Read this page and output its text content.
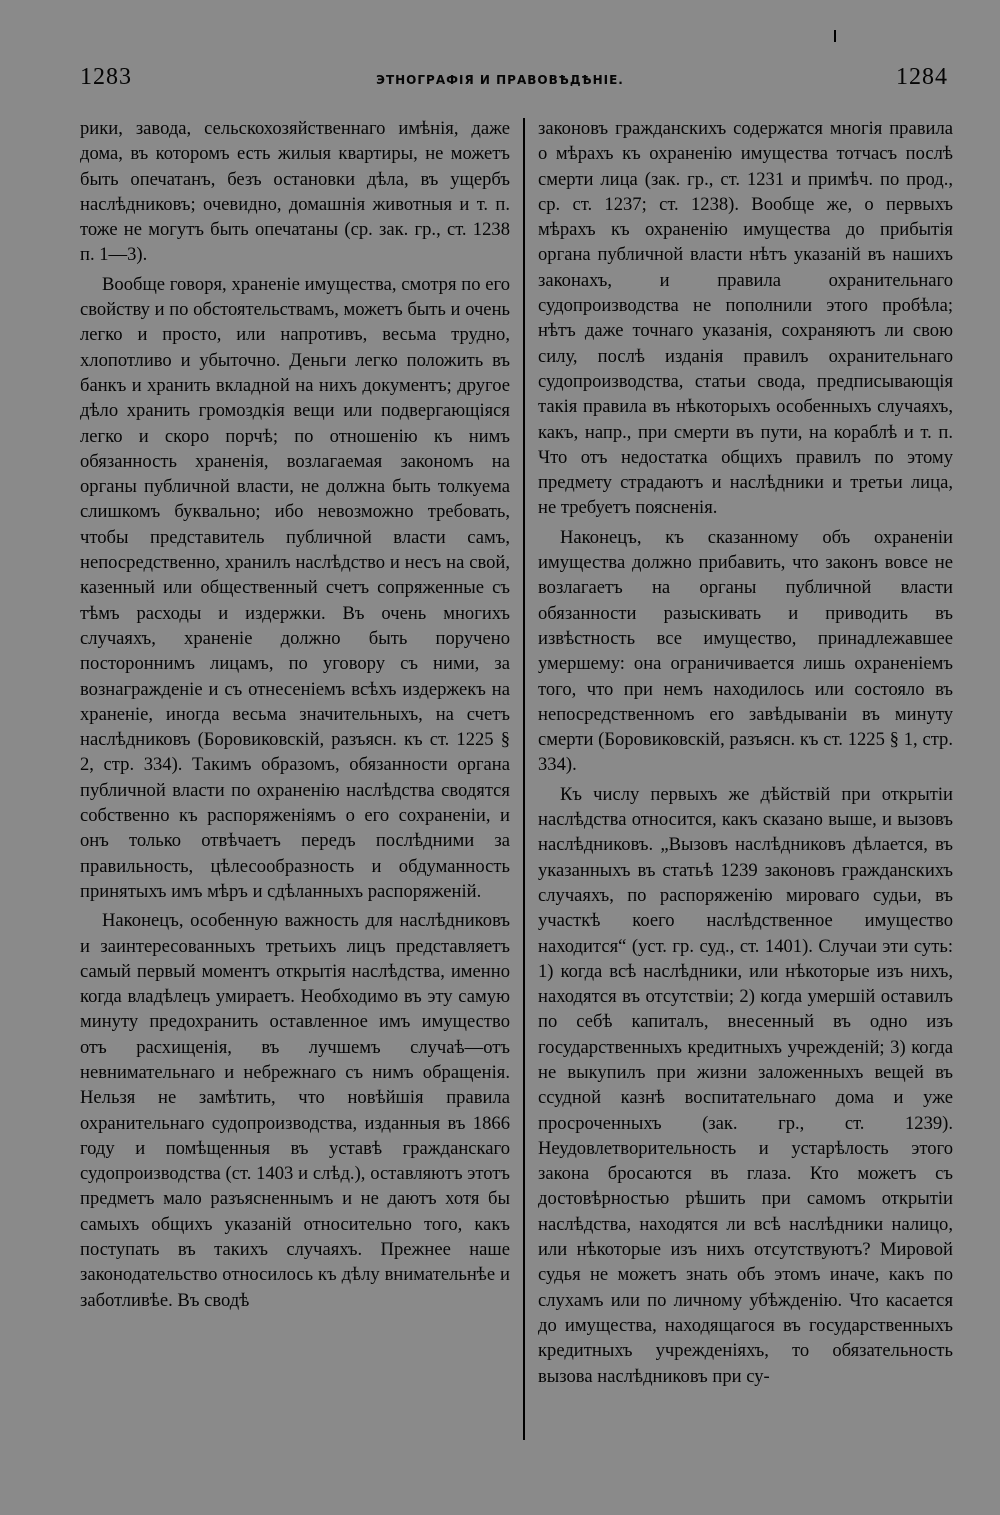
1283	ЭТНОГРАФІЯ И ПРАВОВѢДѢНІЕ.	1284

рики, завода, сельскохозяйственнаго имѣнія, даже дома, въ которомъ есть жилыя квартиры, не можетъ быть опечатанъ, безъ остановки дѣла, въ ущербъ наслѣдниковъ; очевидно, домашнія животныя и т. п. тоже не могутъ быть опечатаны (ср. зак. гр., ст. 1238 п. 1—3).

Вообще говоря, храненіе имущества, смотря по его свойству и по обстоятельствамъ, можетъ быть и очень легко и просто, или напротивъ, весьма трудно, хлопотливо и убыточно. Деньги легко положить въ банкъ и хранить вкладной на нихъ документъ; другое дѣло хранить громоздкія вещи или подвергающіяся легко и скоро порчѣ; по отношенію къ нимъ обязанность храненія, возлагаемая закономъ на органы публичной власти, не должна быть толкуема слишкомъ буквально; ибо невозможно требовать, чтобы представитель публичной власти самъ, непосредственно, хранилъ наслѣдство и несъ на свой, казенный или общественный счетъ сопряженные съ тѣмъ расходы и издержки. Въ очень многихъ случаяхъ, храненіе должно быть поручено постороннимъ лицамъ, по уговору съ ними, за вознагражденіе и съ отнесеніемъ всѣхъ издержекъ на храненіе, иногда весьма значительныхъ, на счетъ наслѣдниковъ (Боровиковскій, разъясн. къ ст. 1225 § 2, стр. 334). Такимъ образомъ, обязанности органа публичной власти по охраненію наслѣдства сводятся собственно къ распоряженіямъ о его сохраненіи, и онъ только отвѣчаетъ передъ послѣдними за правильность, цѣлесообразность и обдуманность принятыхъ имъ мѣръ и сдѣланныхъ распоряженій.

Наконецъ, особенную важность для наслѣдниковъ и заинтересованныхъ третьихъ лицъ представляетъ самый первый моментъ открытія наслѣдства, именно когда владѣлецъ умираетъ. Необходимо въ эту самую минуту предохранить оставленное имъ имущество отъ расхищенія, въ лучшемъ случаѣ—отъ невнимательнаго и небрежнаго съ нимъ обращенія. Нельзя не замѣтить, что новѣйшія правила охранительнаго судопроизводства, изданныя въ 1866 году и помѣщенныя въ уставѣ гражданскаго судопроизводства (ст. 1403 и слѣд.), оставляютъ этотъ предметъ мало разъясненнымъ и не даютъ хотя бы самыхъ общихъ указаній относительно того, какъ поступать въ такихъ случаяхъ. Прежнее наше законодательство относилось къ дѣлу внимательнѣе и заботливѣе. Въ сводѣ

законовъ гражданскихъ содержатся многія правила о мѣрахъ къ охраненію имущества тотчасъ послѣ смерти лица (зак. гр., ст. 1231 и примѣч. по прод., ср. ст. 1237; ст. 1238). Вообще же, о первыхъ мѣрахъ къ охраненію имущества до прибытія органа публичной власти нѣтъ указаній въ нашихъ законахъ, и правила охранительнаго судопроизводства не пополнили этого пробѣла; нѣтъ даже точнаго указанія, сохраняютъ ли свою силу, послѣ изданія правилъ охранительнаго судопроизводства, статьи свода, предписывающія такія правила въ нѣкоторыхъ особенныхъ случаяхъ, какъ, напр., при смерти въ пути, на кораблѣ и т. п. Что отъ недостатка общихъ правилъ по этому предмету страдаютъ и наслѣдники и третьи лица, не требуетъ поясненія.

Наконецъ, къ сказанному объ охраненіи имущества должно прибавить, что законъ вовсе не возлагаетъ на органы публичной власти обязанности разыскивать и приводить въ извѣстность все имущество, принадлежавшее умершему: она ограничивается лишь охраненіемъ того, что при немъ находилось или состояло въ непосредственномъ его завѣдываніи въ минуту смерти (Боровиковскій, разъясн. къ ст. 1225 § 1, стр. 334).

Къ числу первыхъ же дѣйствій при открытіи наслѣдства относится, какъ сказано выше, и вызовъ наслѣдниковъ. „Вызовъ наслѣдниковъ дѣлается, въ указанныхъ въ статьѣ 1239 законовъ гражданскихъ случаяхъ, по распоряженію мироваго судьи, въ участкѣ коего наслѣдственное имущество находится“ (уст. гр. суд., ст. 1401). Случаи эти суть: 1) когда всѣ наслѣдники, или нѣкоторые изъ нихъ, находятся въ отсутствіи; 2) когда умершій оставилъ по себѣ капиталъ, внесенный въ одно изъ государственныхъ кредитныхъ учрежденій; 3) когда не выкупилъ при жизни заложенныхъ вещей въ ссудной казнѣ воспитательнаго дома и уже просроченныхъ (зак. гр., ст. 1239). Неудовлетворительность и устарѣлость этого закона бросаются въ глаза. Кто можетъ съ достовѣрностью рѣшить при самомъ открытіи наслѣдства, находятся ли всѣ наслѣдники налицо, или нѣкоторые изъ нихъ отсутствуютъ? Мировой судья не можетъ знать объ этомъ иначе, какъ по слухамъ или по личному убѣжденію. Что касается до имущества, находящагося въ государственныхъ кредитныхъ учрежденіяхъ, то обязательность вызова наслѣдниковъ при су-
